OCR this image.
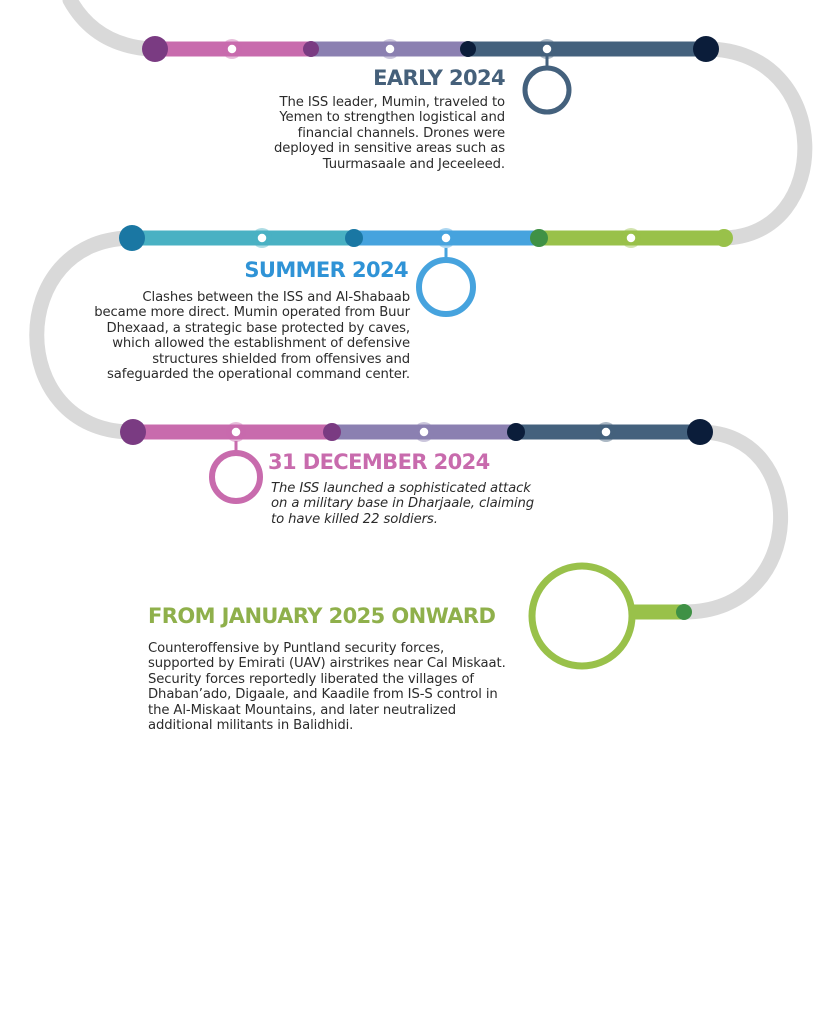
EARLY 2024
The ISS leader, Mumin, traveled to
Yemen to strengthen logistical and
financial channels. Drones were
deployed in sensitive areas such as
Tuurmasaale and Jeceeleed.
SUMMER 2024
Clashes between the ISS and Al-Shabaab
became more direct. Mumin operated from Buur
Dhexaad, a strategic base protected by caves,
which allowed the establishment of defensive
structures shielded from offensives and
safeguarded the operational command center.
31 DECEMBER 2024
The ISS launched a sophisticated attack
on a military base in Dharjaale, claiming
to have killed 22 soldiers.
FROM JANUARY 2025 ONWARD
Counteroffensive by Puntland security forces,
supported by Emirati (UAV) airstrikes near Cal Miskaat.
Security forces reportedly liberated the villages of
Dhaban’ado, Digaale, and Kaadile from IS-S control in
the Al-Miskaat Mountains, and later neutralized
additional militants in Balidhidi.
